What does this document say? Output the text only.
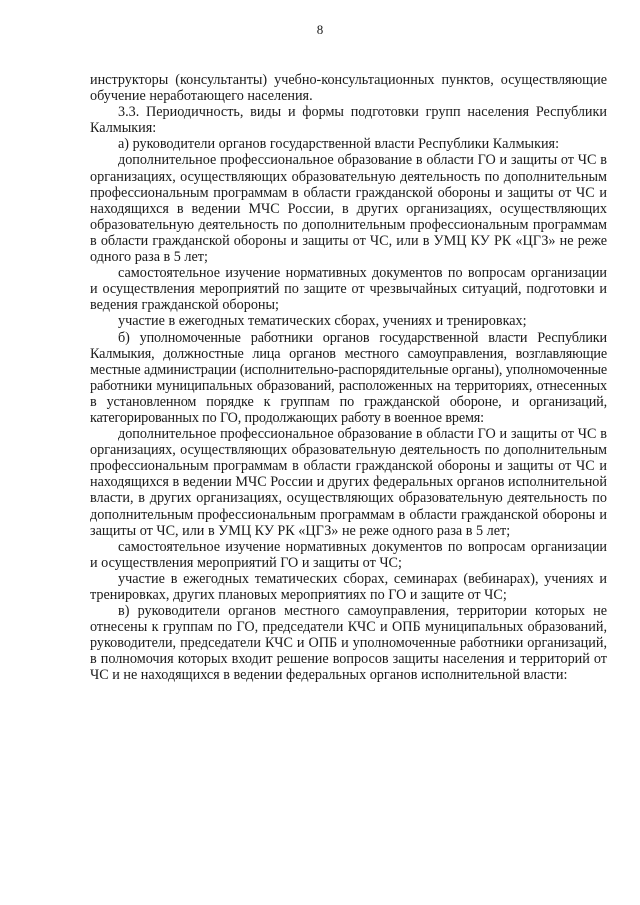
8

инструкторы (консультанты) учебно-консультационных пунктов, осуществляющие обучение неработающего населения.

3.3. Периодичность, виды и формы подготовки групп населения Республики Калмыкия:

а) руководители органов государственной власти Республики Калмыкия:

дополнительное профессиональное образование в области ГО и защиты от ЧС в организациях, осуществляющих образовательную деятельность по дополнительным профессиональным программам в области гражданской обороны и защиты от ЧС и находящихся в ведении МЧС России, в других организациях, осуществляющих образовательную деятельность по дополнительным профессиональным программам в области гражданской обороны и защиты от ЧС, или в УМЦ КУ РК «ЦГЗ» не реже одного раза в 5 лет;

самостоятельное изучение нормативных документов по вопросам организации и осуществления мероприятий по защите от чрезвычайных ситуаций, подготовки и ведения гражданской обороны;

участие в ежегодных тематических сборах, учениях и тренировках;

б) уполномоченные работники органов государственной власти Республики Калмыкия, должностные лица органов местного самоуправления, возглавляющие местные администрации (исполнительно-распорядительные органы), уполномоченные работники муниципальных образований, расположенных на территориях, отнесенных в установленном порядке к группам по гражданской обороне, и организаций, категорированных по ГО, продолжающих работу в военное время:

дополнительное профессиональное образование в области ГО и защиты от ЧС в организациях, осуществляющих образовательную деятельность по дополнительным профессиональным программам в области гражданской обороны и защиты от ЧС и находящихся в ведении МЧС России и других федеральных органов исполнительной власти, в других организациях, осуществляющих образовательную деятельность по дополнительным профессиональным программам в области гражданской обороны и защиты от ЧС, или в УМЦ КУ РК «ЦГЗ» не реже одного раза в 5 лет;

самостоятельное изучение нормативных документов по вопросам организации и осуществления мероприятий ГО и защиты от ЧС;

участие в ежегодных тематических сборах, семинарах (вебинарах), учениях и тренировках, других плановых мероприятиях по ГО и защите от ЧС;

в) руководители органов местного самоуправления, территории которых не отнесены к группам по ГО, председатели КЧС и ОПБ муниципальных образований, руководители, председатели КЧС и ОПБ и уполномоченные работники организаций, в полномочия которых входит решение вопросов защиты населения и территорий от ЧС и не находящихся в ведении федеральных органов исполнительной власти:
